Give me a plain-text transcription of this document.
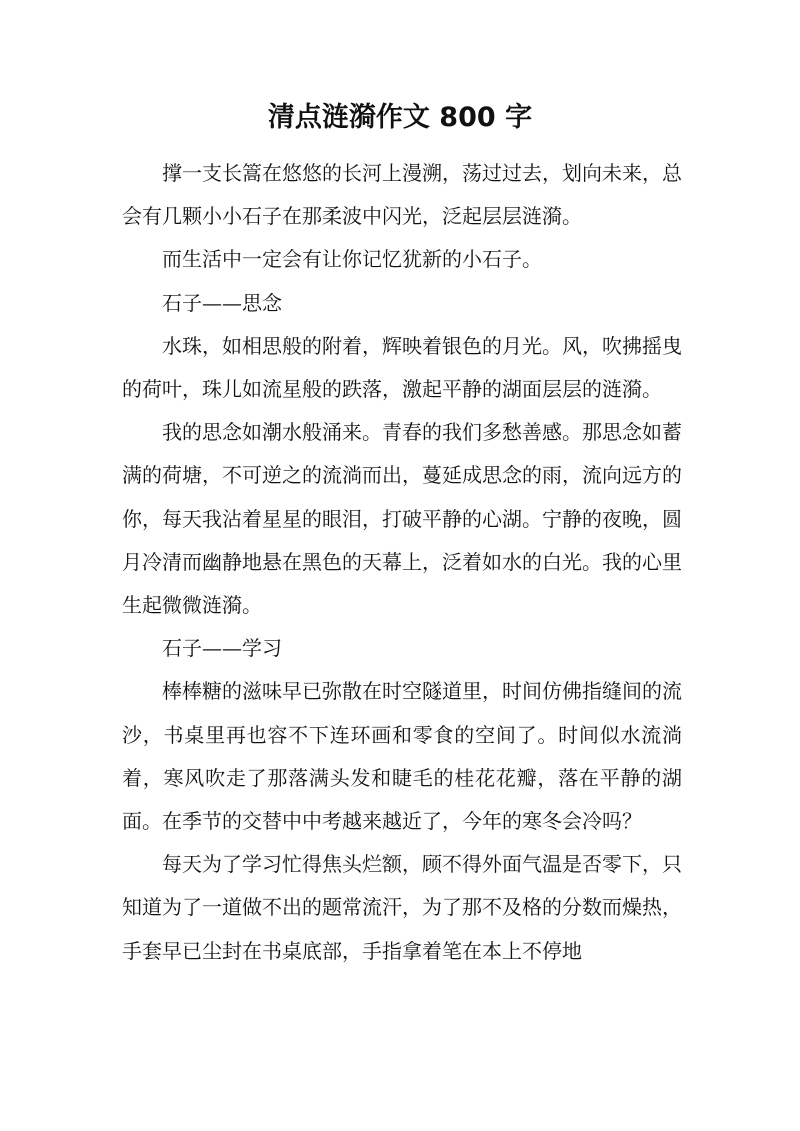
清点涟漪作文 800 字

撑一支长篙在悠悠的长河上漫溯，荡过过去，划向未来，总会有几颗小小石子在那柔波中闪光，泛起层层涟漪。

而生活中一定会有让你记忆犹新的小石子。

石子——思念

水珠，如相思般的附着，辉映着银色的月光。风，吹拂摇曳的荷叶，珠儿如流星般的跌落，激起平静的湖面层层的涟漪。

我的思念如潮水般涌来。青春的我们多愁善感。那思念如蓄满的荷塘，不可逆之的流淌而出，蔓延成思念的雨，流向远方的你，每天我沾着星星的眼泪，打破平静的心湖。宁静的夜晚，圆月冷清而幽静地悬在黑色的天幕上，泛着如水的白光。我的心里生起微微涟漪。

石子——学习

棒棒糖的滋味早已弥散在时空隧道里，时间仿佛指缝间的流沙，书桌里再也容不下连环画和零食的空间了。时间似水流淌着，寒风吹走了那落满头发和睫毛的桂花花瓣，落在平静的湖面。在季节的交替中中考越来越近了，今年的寒冬会冷吗？

每天为了学习忙得焦头烂额，顾不得外面气温是否零下，只知道为了一道做不出的题常流汗，为了那不及格的分数而燥热，手套早已尘封在书桌底部，手指拿着笔在本上不停地
